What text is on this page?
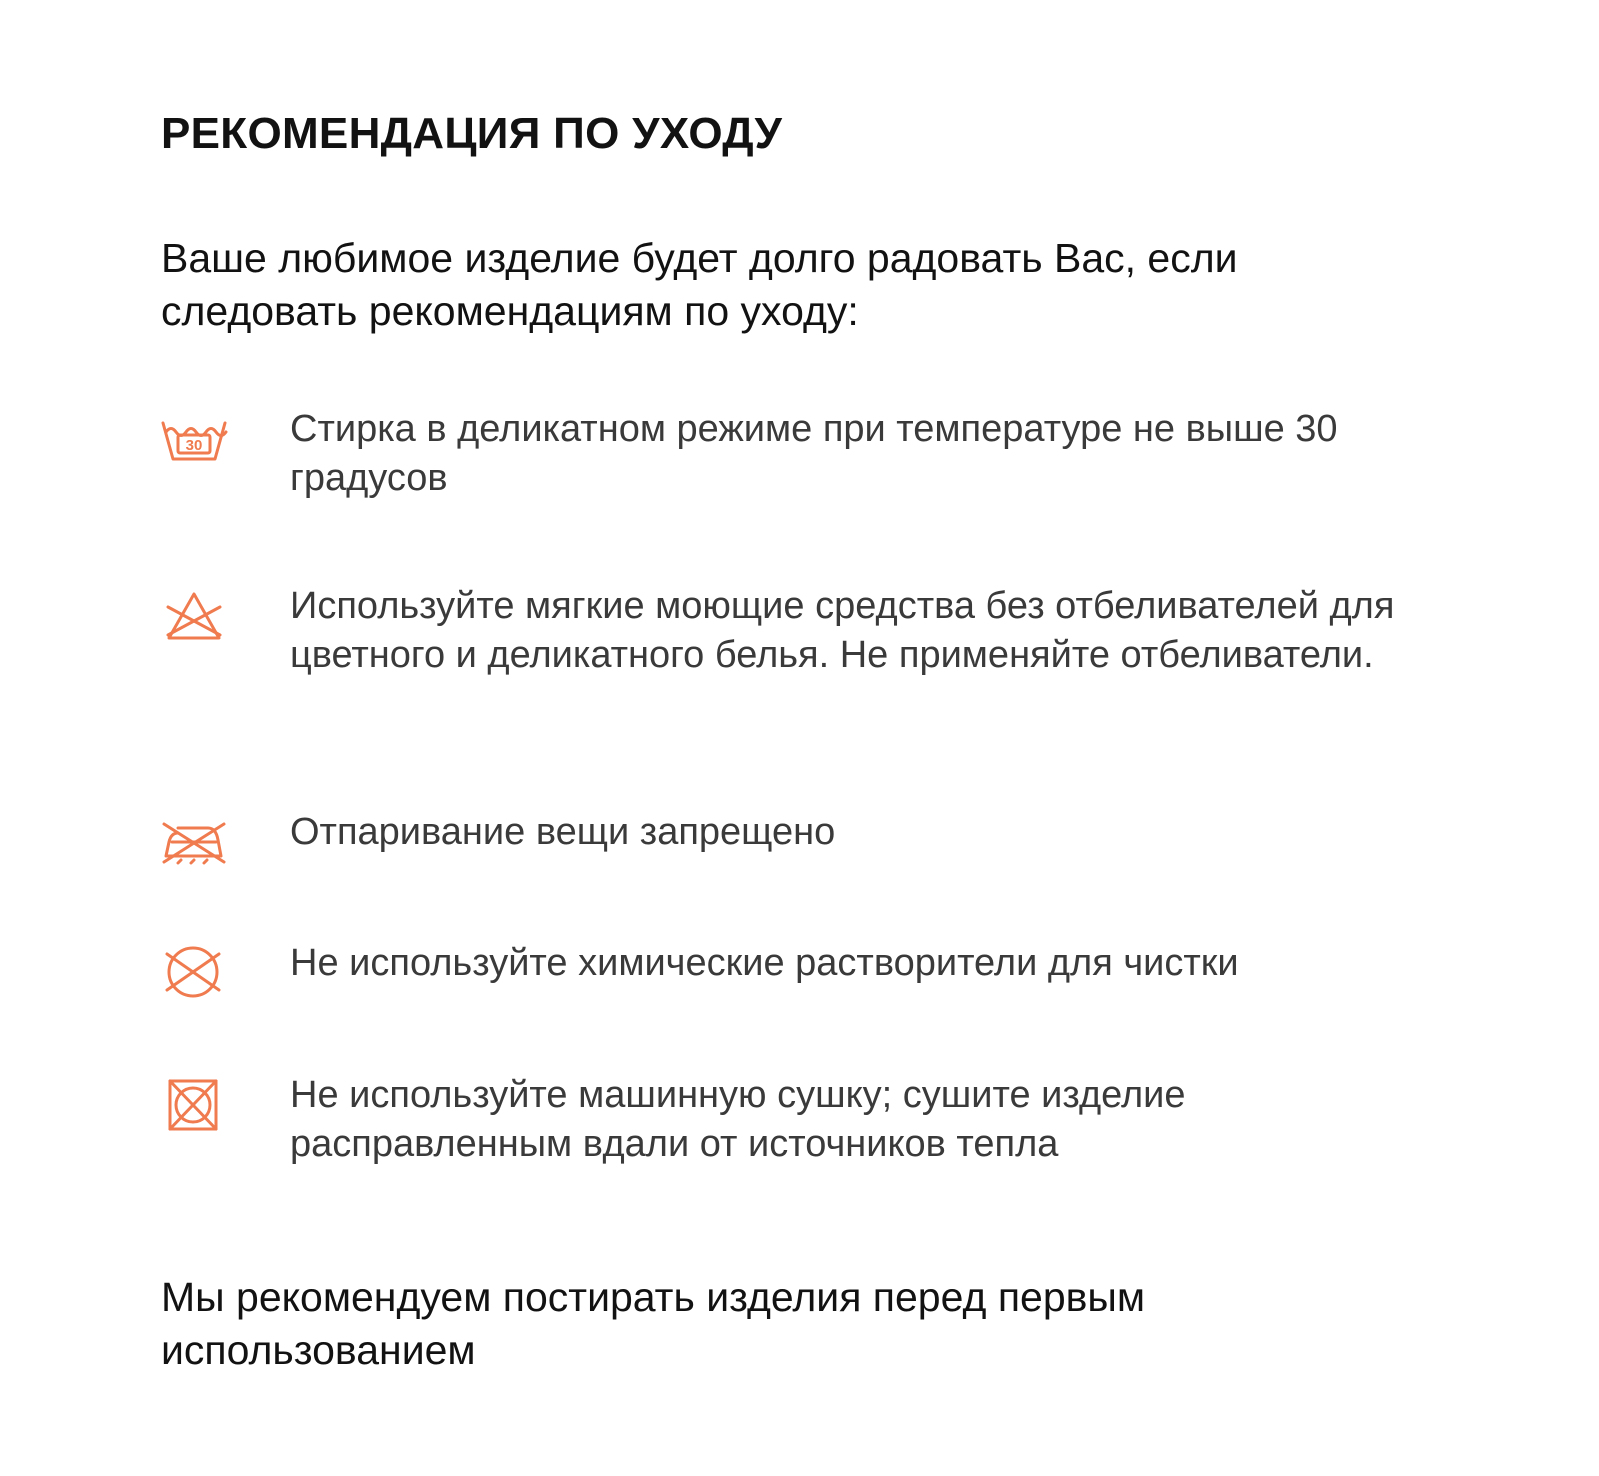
РЕКОМЕНДАЦИЯ ПО УХОДУ

Ваше любимое изделие будет долго радовать Вас, если следовать рекомендациям по уходу:

30 Стирка в деликатном режиме при температуре не выше 30 градусов

Используйте мягкие моющие средства без отбеливателей для цветного и деликатного белья. Не применяйте отбеливатели.

Отпаривание вещи запрещено

Не используйте химические растворители для чистки

Не используйте машинную сушку; сушите изделие расправленным вдали от источников тепла

Мы рекомендуем постирать изделия перед первым использованием
